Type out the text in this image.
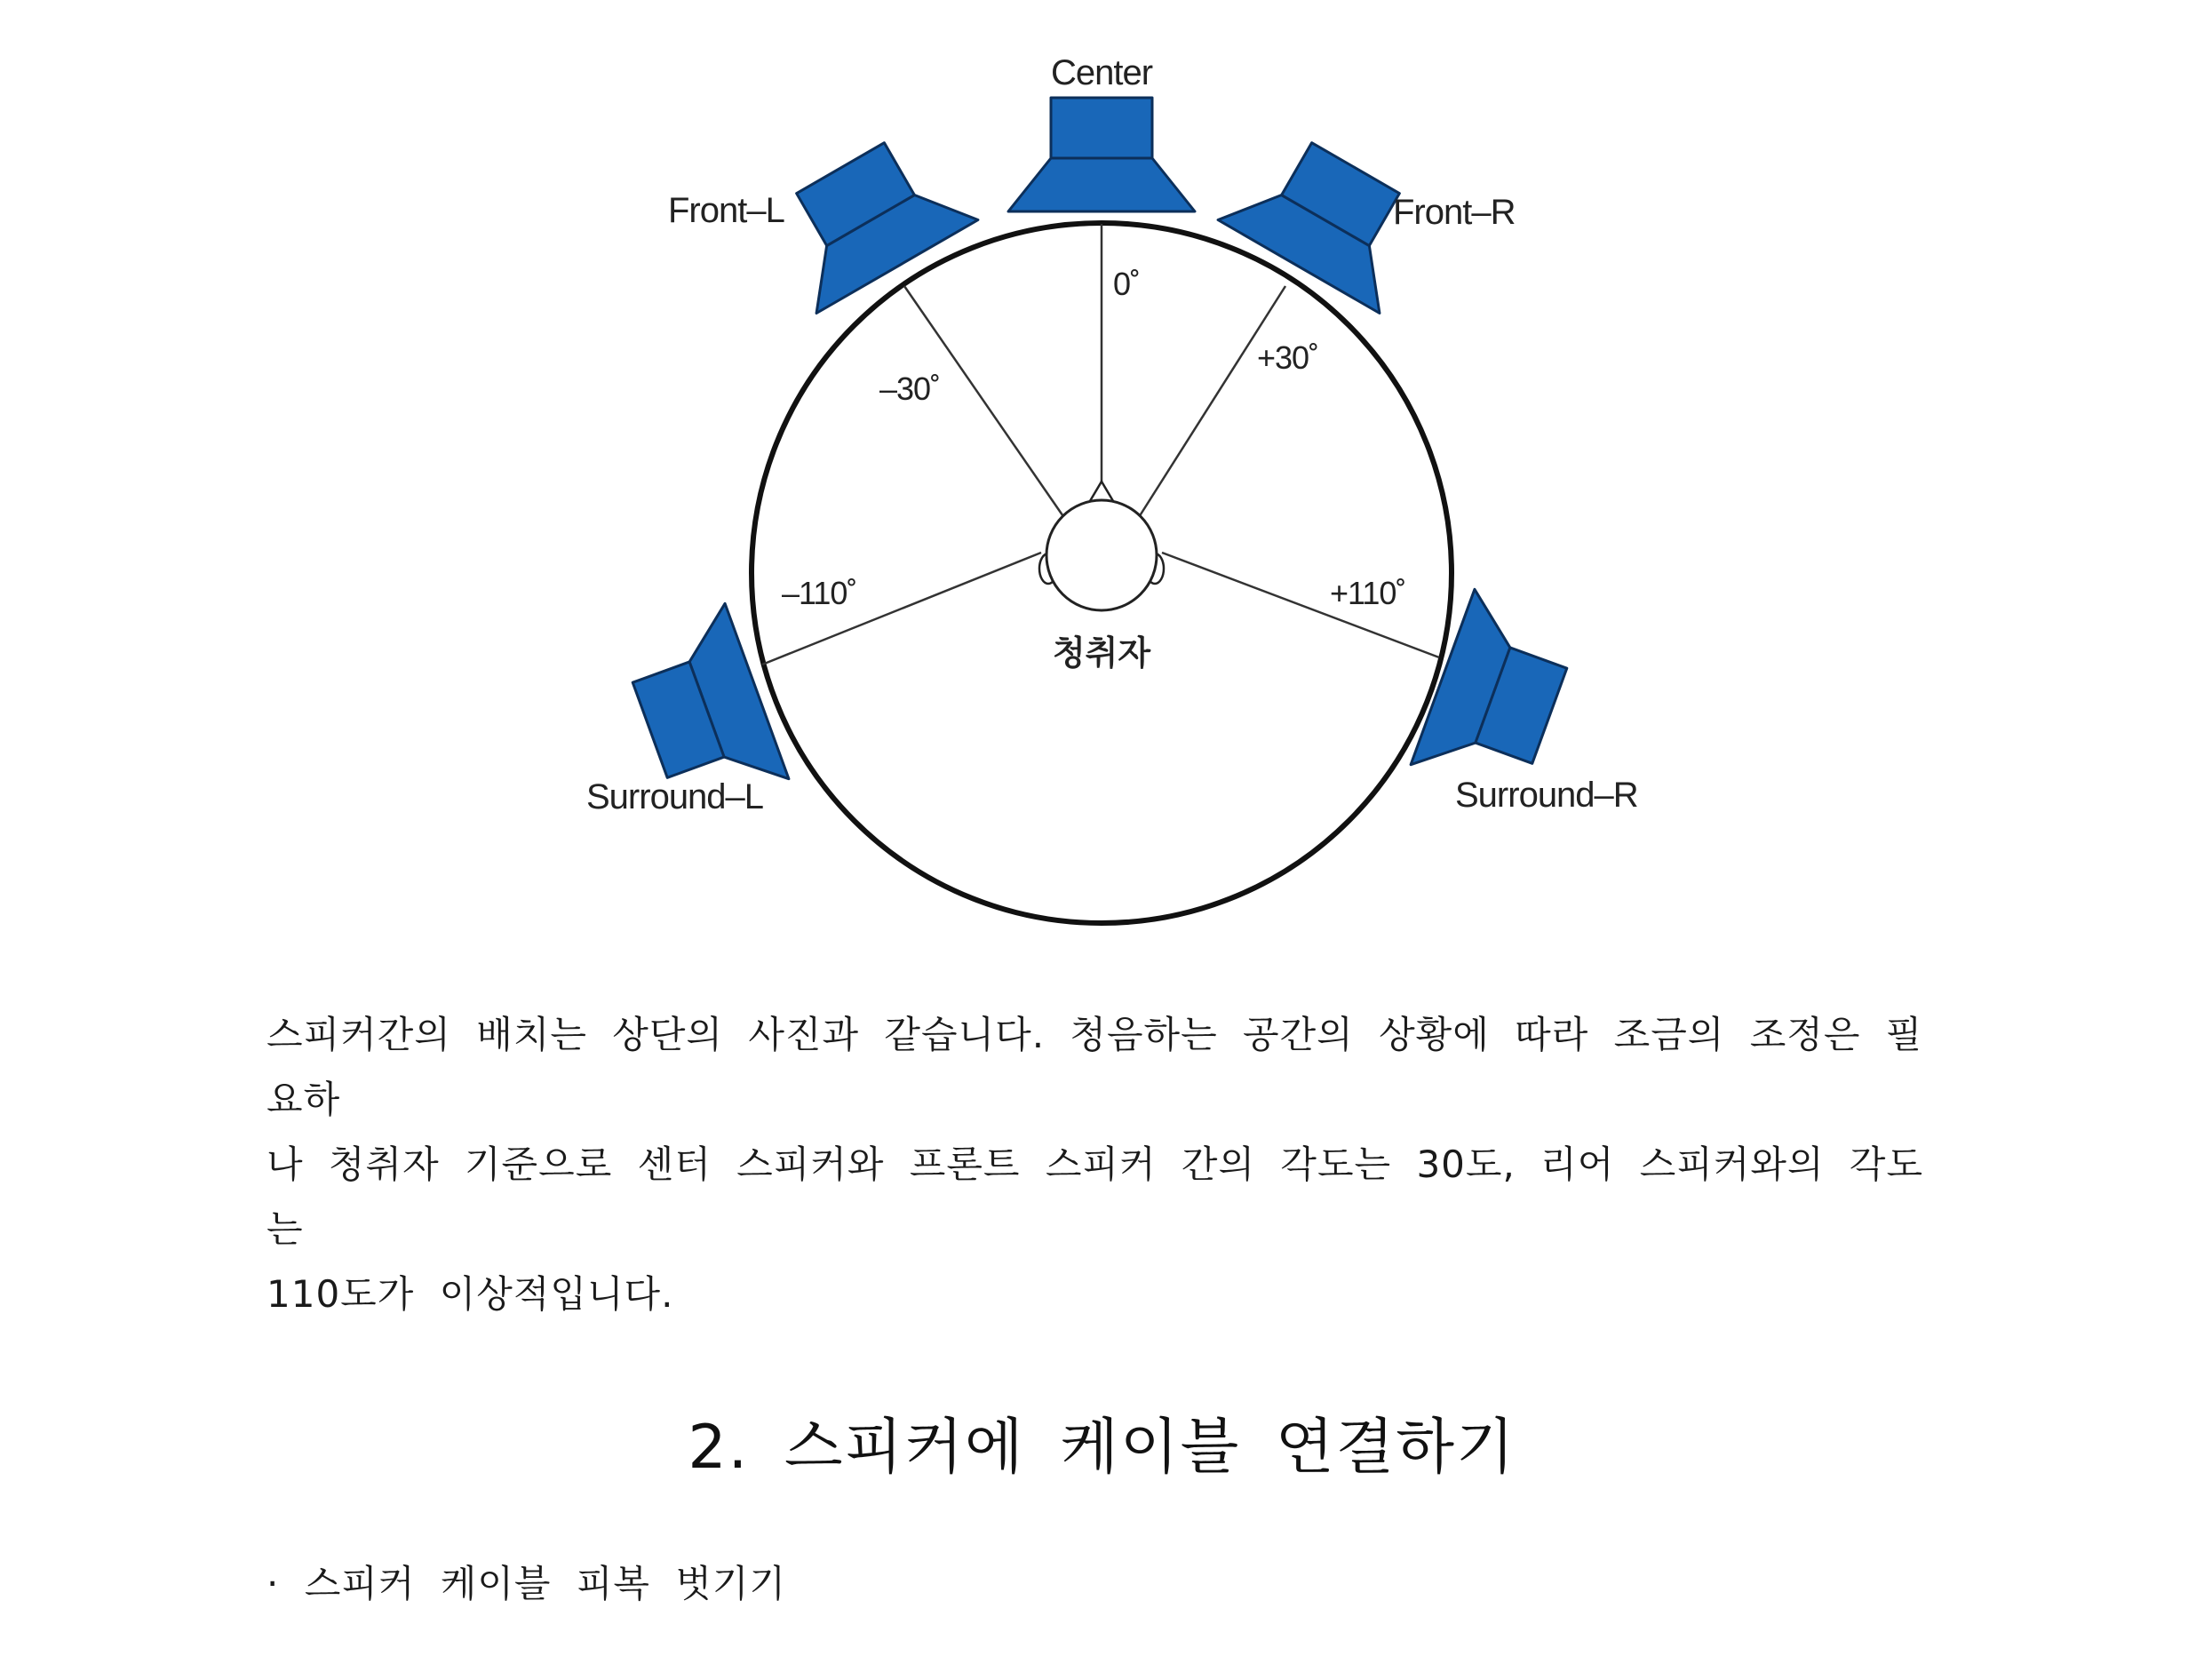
Center
Front–L	Front–R
Surround–L	Surround–R
0˚
–30˚
+30˚
–110˚	+110˚
청취자

스피커간의 배치는 상단의 사진과 같습니다. 청음하는 공간의 상황에 따라 조금의 조정은 필요하
나 청취자 기준으로 센터 스피커와 프론트 스피커 간의 각도는 30도, 리어 스피커와의 각도는
110도가 이상적입니다.

2. 스피커에 케이블 연결하기

· 스피커 케이블 피복 벗기기
